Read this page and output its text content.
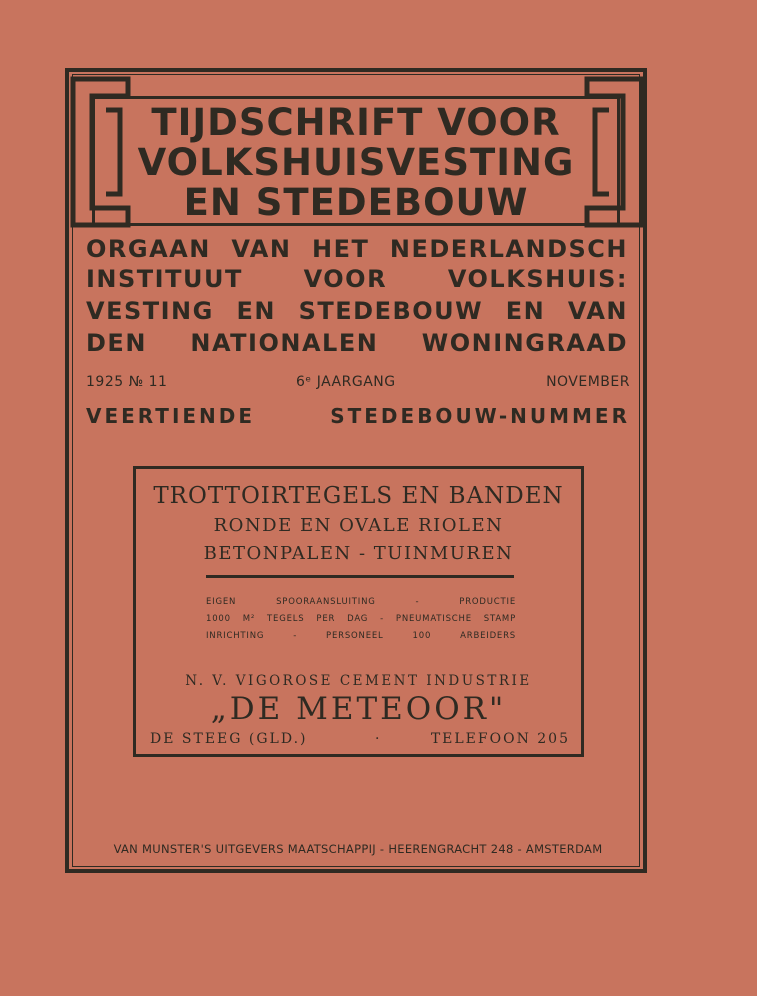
TIJDSCHRIFT VOOR
VOLKSHUISVESTING
EN STEDEBOUW
ORGAAN VAN HET NEDERLANDSCH
INSTITUUT VOOR VOLKSHUIS:
VESTING EN STEDEBOUW EN VAN
DEN NATIONALEN WONINGRAAD
1925 № 11	6ᵉ JAARGANG	NOVEMBER
VEERTIENDE STEDEBOUW-NUMMER
TROTTOIRTEGELS EN BANDEN
RONDE EN OVALE RIOLEN
BETONPALEN - TUINMUREN
EIGEN SPOORAANSLUITING - PRODUCTIE
1000 M² TEGELS PER DAG - PNEUMATISCHE STAMP
INRICHTING - PERSONEEL 100 ARBEIDERS
N. V. VIGOROSE CEMENT INDUSTRIE
„DE METEOOR"
DE STEEG (GLD.)	·	TELEFOON 205
VAN MUNSTER'S UITGEVERS MAATSCHAPPIJ - HEERENGRACHT 248 - AMSTERDAM
